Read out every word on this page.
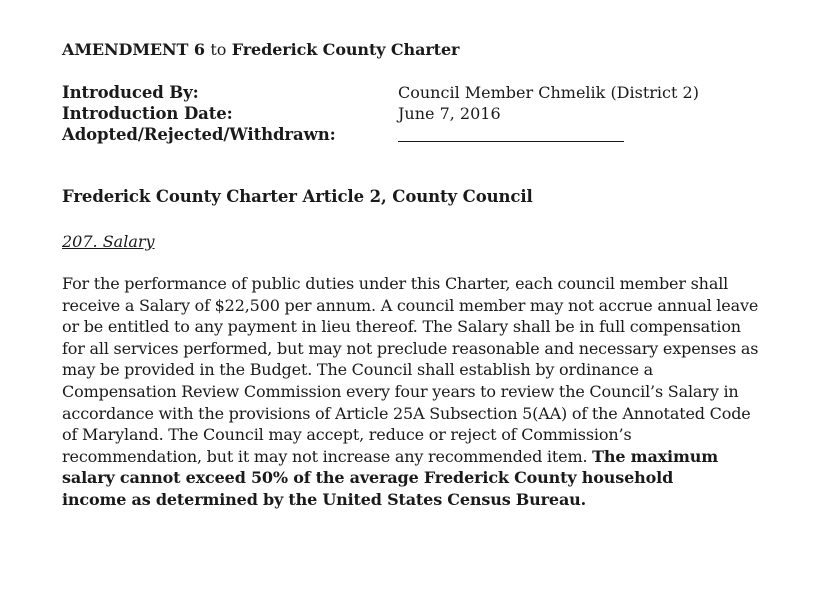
AMENDMENT 6 to Frederick County Charter
Introduced By:	Council Member Chmelik (District 2)
Introduction Date:	June 7, 2016
Adopted/Rejected/Withdrawn:
Frederick County Charter Article 2, County Council
207. Salary
For the performance of public duties under this Charter, each council member shall
receive a Salary of $22,500 per annum. A council member may not accrue annual leave
or be entitled to any payment in lieu thereof. The Salary shall be in full compensation
for all services performed, but may not preclude reasonable and necessary expenses as
may be provided in the Budget. The Council shall establish by ordinance a
Compensation Review Commission every four years to review the Council’s Salary in
accordance with the provisions of Article 25A Subsection 5(AA) of the Annotated Code
of Maryland. The Council may accept, reduce or reject of Commission’s
recommendation, but it may not increase any recommended item. The maximum
salary cannot exceed 50% of the average Frederick County household
income as determined by the United States Census Bureau.
